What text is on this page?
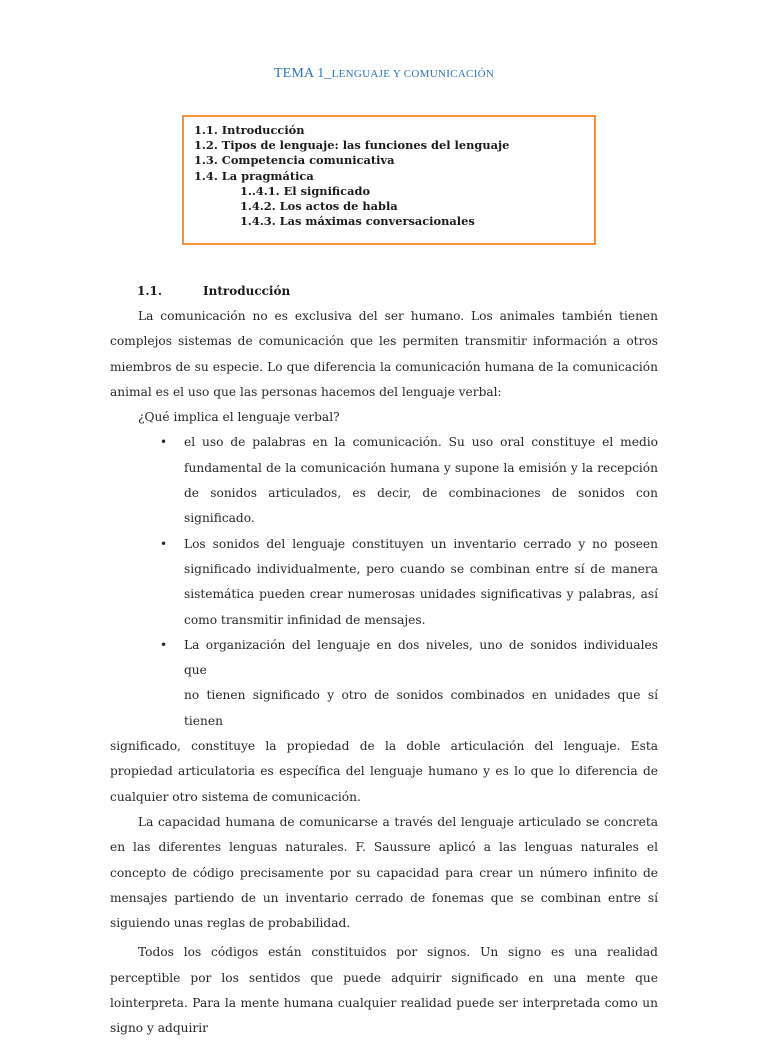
TEMA 1_LENGUAJE Y COMUNICACIÓN
1.1. Introducción
1.2. Tipos de lenguaje: las funciones del lenguaje
1.3. Competencia comunicativa
1.4. La pragmática
1..4.1. El significado
1.4.2. Los actos de habla
1.4.3. Las máximas conversacionales
1.1.	Introducción

La comunicación no es exclusiva del ser humano. Los animales también tienen complejos sistemas de comunicación que les permiten transmitir información a otros miembros de su especie. Lo que diferencia la comunicación humana de la comunicación animal es el uso que las personas hacemos del lenguaje verbal:

¿Qué implica el lenguaje verbal?

• el uso de palabras en la comunicación. Su uso oral constituye el medio fundamental de la comunicación humana y supone la emisión y la recepción de sonidos articulados, es decir, de combinaciones de sonidos con significado.
• Los sonidos del lenguaje constituyen un inventario cerrado y no poseen significado individualmente, pero cuando se combinan entre sí de manera sistemática pueden crear numerosas unidades significativas y palabras, así como transmitir infinidad de mensajes.
•	La organización del lenguaje en dos niveles, uno de sonidos individuales que
no tienen significado y otro de sonidos combinados en unidades que sí tienen
significado, constituye la propiedad de la doble articulación del lenguaje. Esta propiedad articulatoria es específica del lenguaje humano y es lo que lo diferencia de cualquier otro sistema de comunicación.

La capacidad humana de comunicarse a través del lenguaje articulado se concreta en las diferentes lenguas naturales. F. Saussure aplicó a las lenguas naturales el concepto de código precisamente por su capacidad para crear un número infinito de mensajes partiendo de un inventario cerrado de fonemas que se combinan entre sí siguiendo unas reglas de probabilidad.

Todos los códigos están constituidos por signos. Un signo es una realidad perceptible por los sentidos que puede adquirir significado en una mente que lointerpreta. Para la mente humana cualquier realidad puede ser interpretada como un signo y adquirir
